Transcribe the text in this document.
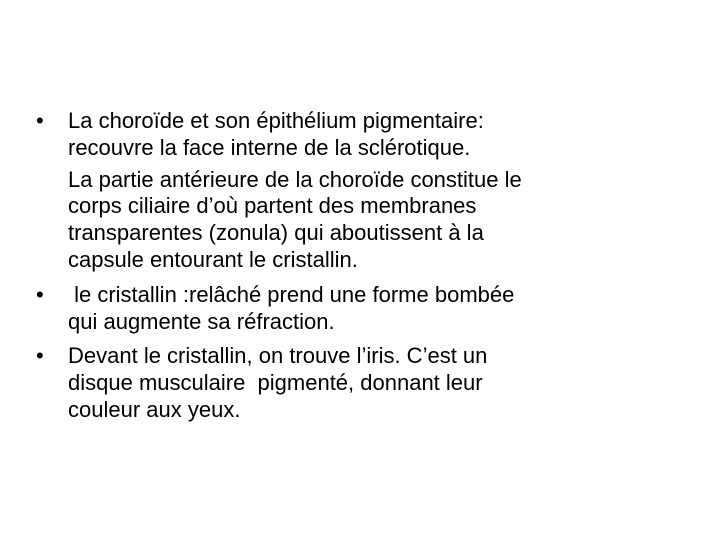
•	La choroïde et son épithélium pigmentaire:
recouvre la face interne de la sclérotique.
La partie antérieure de la choroïde constitue le
corps ciliaire d’où partent des membranes
transparentes (zonula) qui aboutissent à la
capsule entourant le cristallin.
•	le cristallin :relâché prend une forme bombée
qui augmente sa réfraction.
•	Devant le cristallin, on trouve l’iris. C’est un
disque musculaire  pigmenté, donnant leur
couleur aux yeux.
